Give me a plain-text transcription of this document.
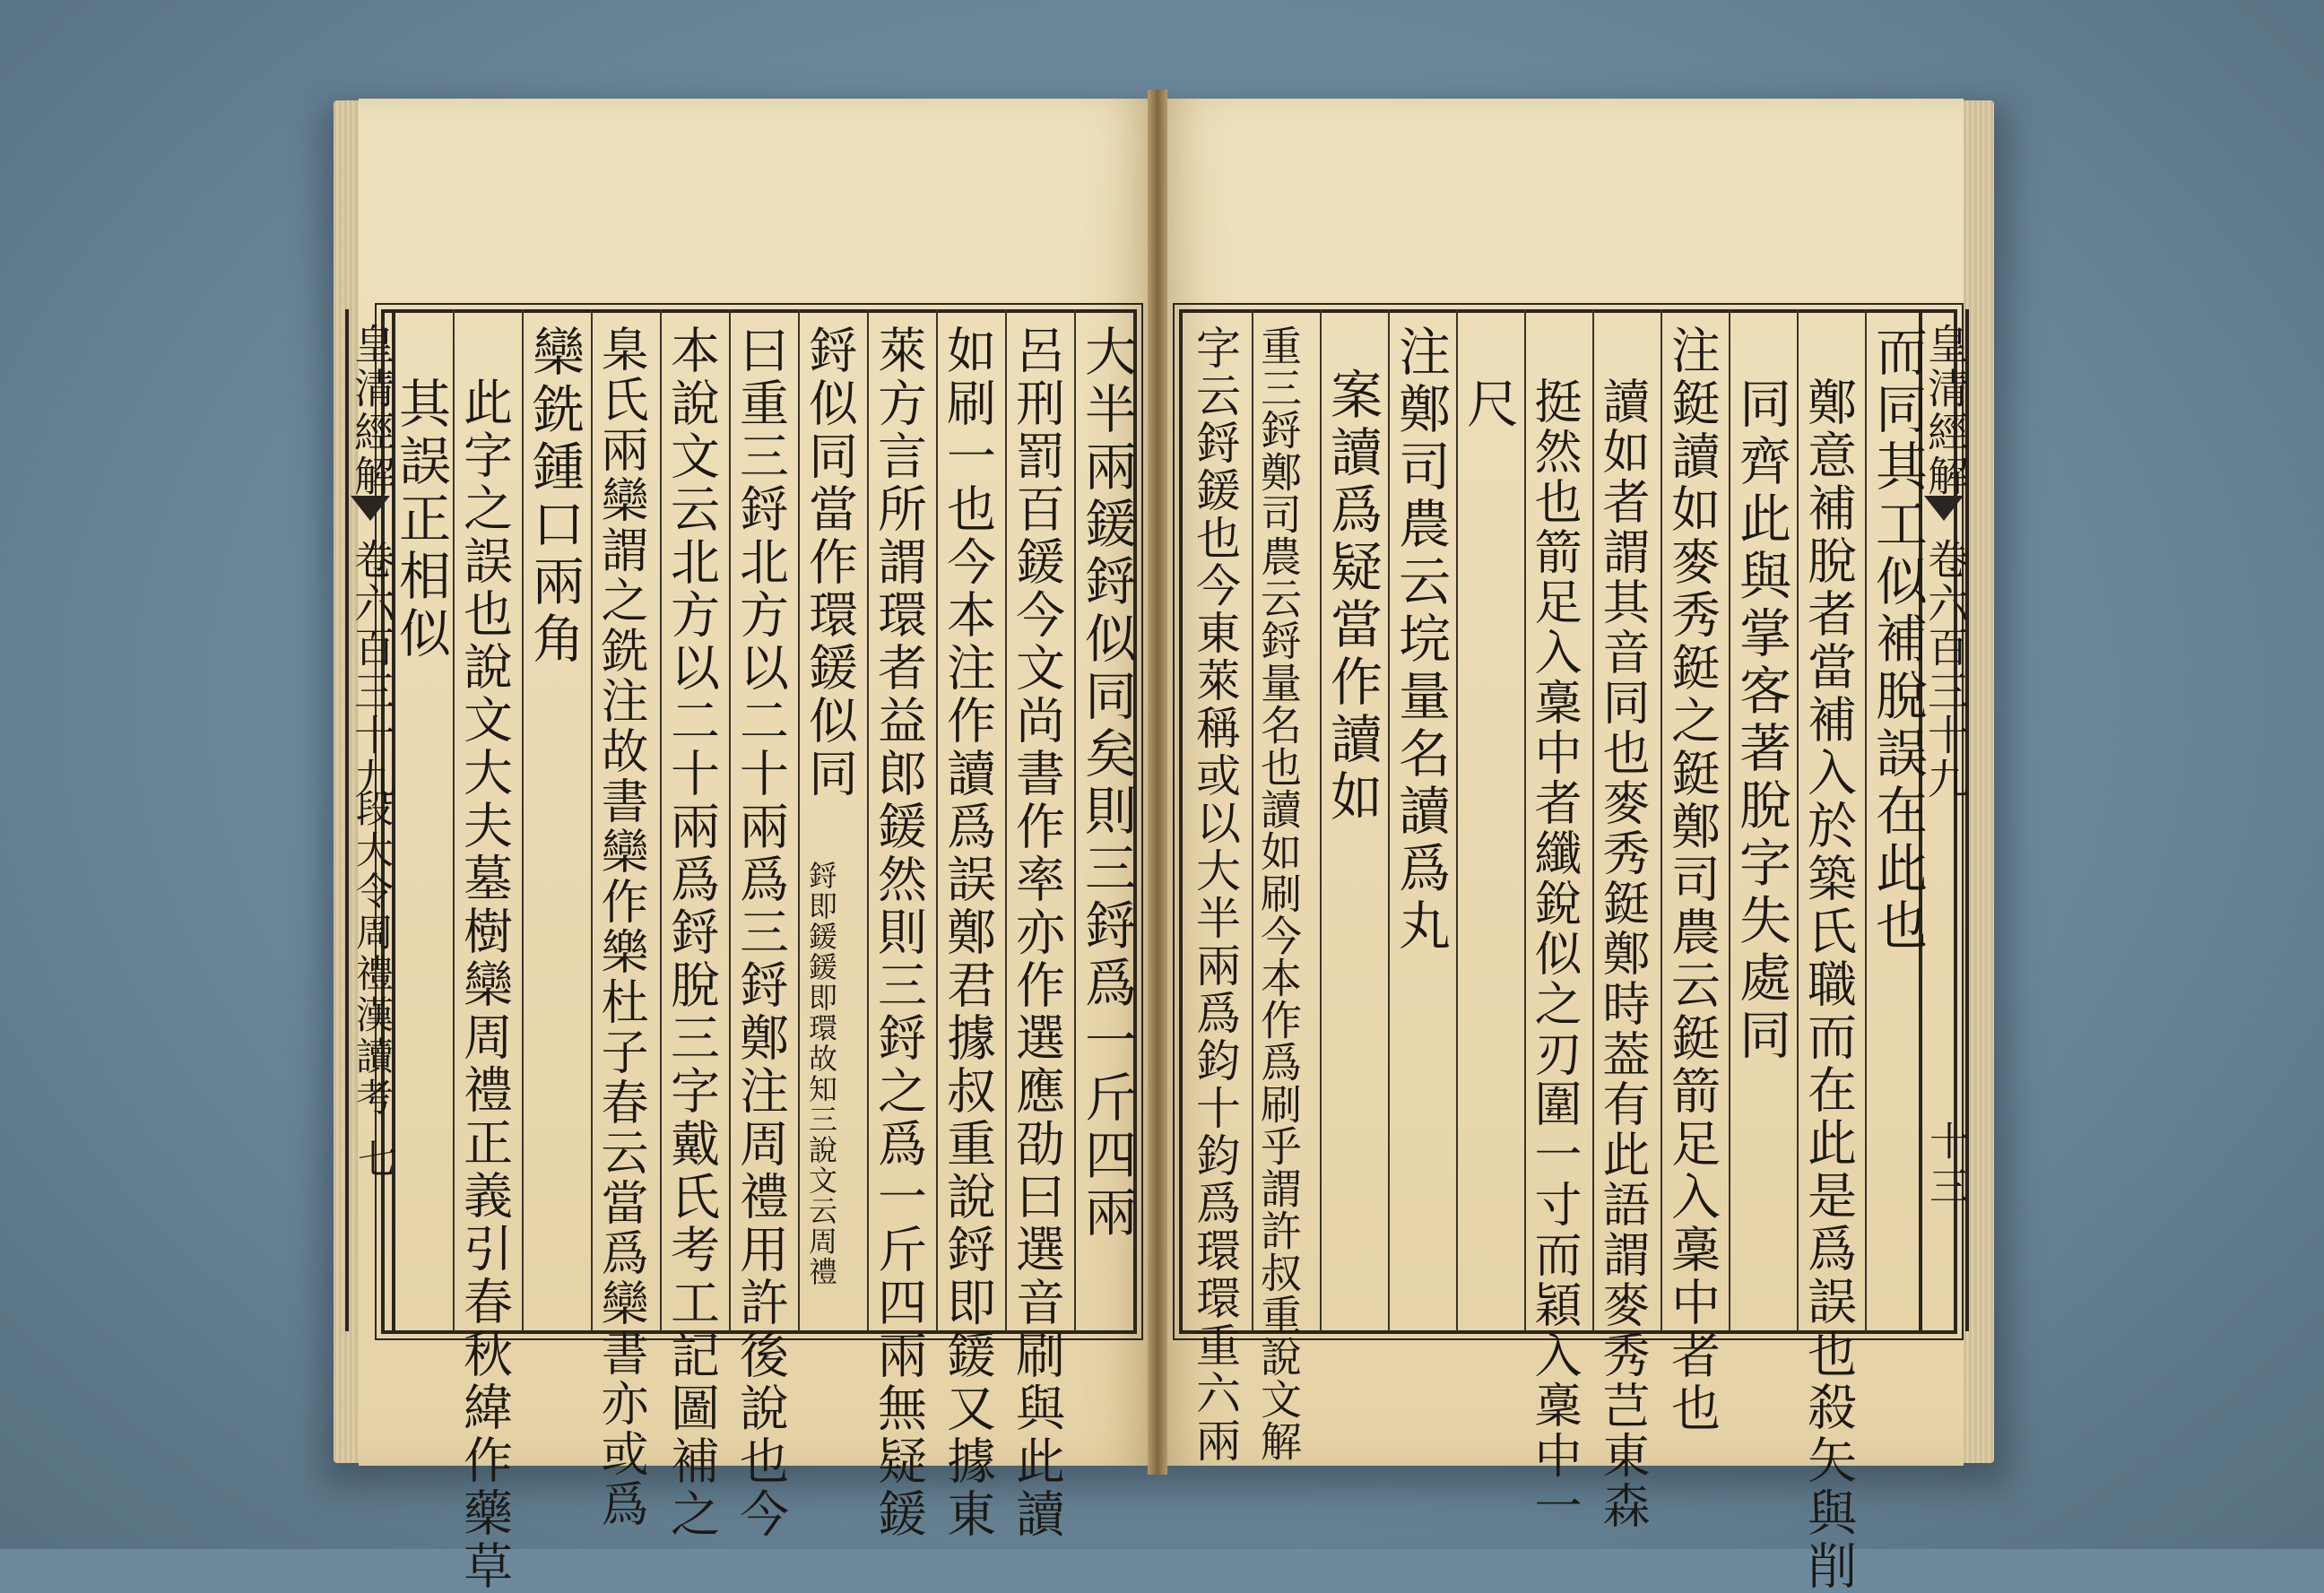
皇清經解
卷六百三十九
段大令周禮漢讀考
七	大半兩鍰鋝似同矣則三鋝爲一斤四兩
呂刑罰百鍰今文尚書作率亦作選應劭曰選音刷與此讀
如刷一也今本注作讀爲誤鄭君據叔重說鋝即鍰又據東
萊方言所謂環者益郎鍰然則三鋝之爲一斤四兩無疑鍰
鋝似同當作環鍰似同
鋝即鍰鍰即環故知三說文云周禮
曰重三鋝北方以二十兩爲三鋝鄭注周禮用許後說也今
本說文云北方以二十兩爲鋝脫三字戴氏考工記圖補之
臬氏兩欒謂之銑注故書欒作樂杜子春云當爲欒書亦或爲
欒銑鍾口兩角
此字之誤也說文大夫墓樹欒周禮正義引春秋緯作藥草
其誤正相似	皇清經解
卷六百三十九
十三
而同其工似補脫誤在此也
鄭意補脫者當補入於築氏職而在此是爲誤也殺矢與削
同齊此與掌客著脫字失處同
注鋌讀如麥秀鋌之鋌鄭司農云鋌箭足入稾中者也
讀如者謂其音同也麥秀鋌鄭時葢有此語謂麥秀芑東森
挺然也箭足入稾中者纖銳似之刃圍一寸而穎入稾中一
尺
注鄭司農云垸量名讀爲丸
案讀爲疑當作讀如
重三鋝鄭司農云鋝量名也讀如刷今本作爲刷乎謂許叔重說文解
字云鋝鍰也今東萊稱或以大半兩爲鈞十鈞爲環環重六兩
